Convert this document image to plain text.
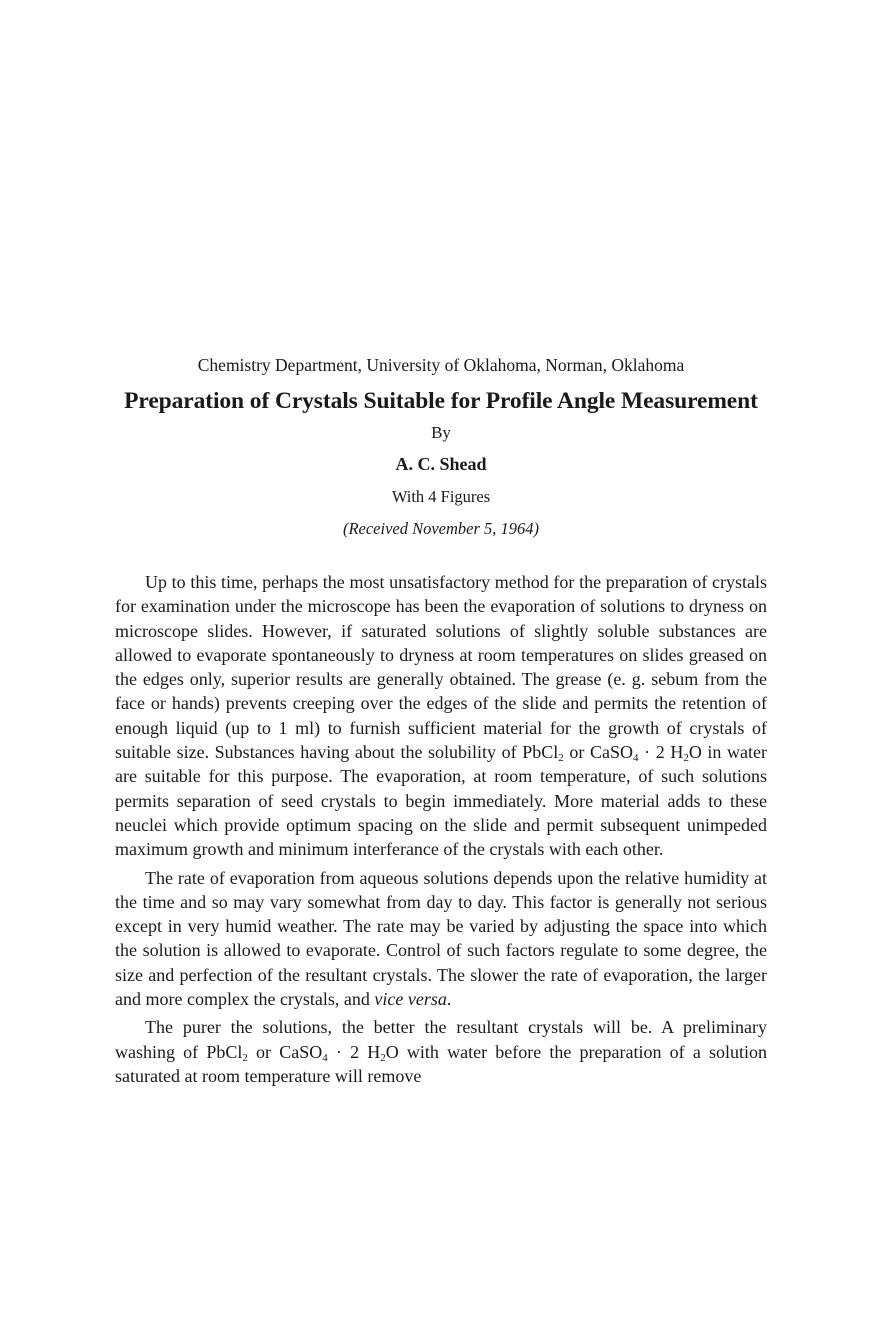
Chemistry Department, University of Oklahoma, Norman, Oklahoma

Preparation of Crystals Suitable for Profile Angle Measurement

By

A. C. Shead

With 4 Figures

(Received November 5, 1964)

Up to this time, perhaps the most unsatisfactory method for the preparation of crystals for examination under the microscope has been the evaporation of solutions to dryness on microscope slides. However, if saturated solutions of slightly soluble substances are allowed to evaporate spontaneously to dryness at room temperatures on slides greased on the edges only, superior results are generally obtained. The grease (e. g. sebum from the face or hands) prevents creeping over the edges of the slide and permits the retention of enough liquid (up to 1 ml) to furnish sufficient material for the growth of crystals of suitable size. Substances having about the solubility of PbCl$_2$ or CaSO$_4$ · 2 $H_2O$ in water are suitable for this purpose. The evaporation, at room temperature, of such solutions permits separation of seed crystals to begin immediately. More material adds to these neuclei which provide optimum spacing on the slide and permit subsequent unimpeded maximum growth and minimum interferance of the crystals with each other.

The rate of evaporation from aqueous solutions depends upon the relative humidity at the time and so may vary somewhat from day to day. This factor is generally not serious except in very humid weather. The rate may be varied by adjusting the space into which the solution is allowed to evaporate. Control of such factors regulate to some degree, the size and perfection of the resultant crystals. The slower the rate of evaporation, the larger and more complex the crystals, and vice versa.

The purer the solutions, the better the resultant crystals will be. A preliminary washing of PbCl$_2$ or CaSO$_4$ · 2 $H_2O$ with water before the preparation of a solution saturated at room temperature will remove
